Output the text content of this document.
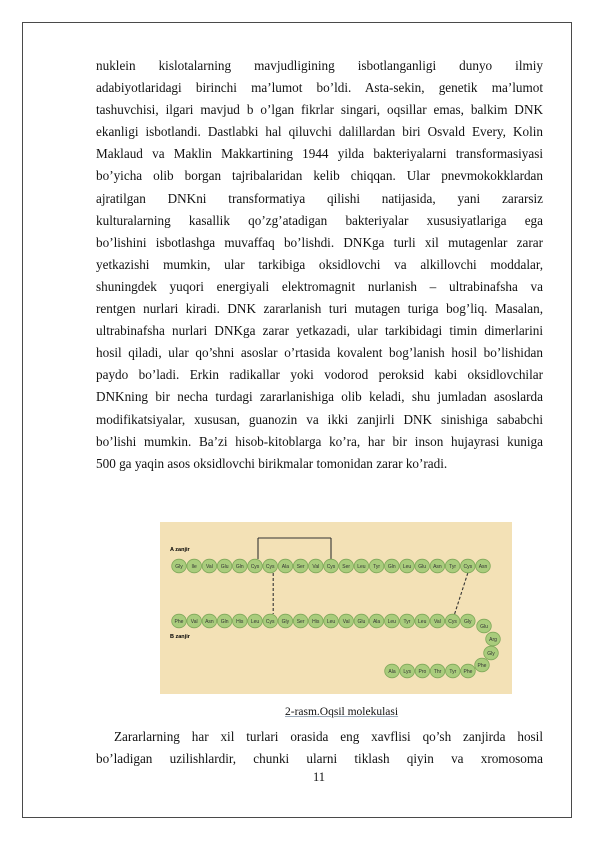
nuklein kislotalarning mavjudligining isbotlanganligi dunyo ilmiy
adabiyotlaridagi birinchi ma’lumot bo’ldi. Asta-sekin, genetik ma’lumot
tashuvchisi, ilgari mavjud b o’lgan fikrlar singari, oqsillar emas, balkim DNK
ekanligi isbotlandi. Dastlabki hal qiluvchi dalillardan biri Osvald Every, Kolin
Maklaud va Maklin Makkartining 1944 yilda bakteriyalarni transformasiyasi
bo’yicha olib borgan tajribalaridan kelib chiqqan. Ular pnevmokokklardan
ajratilgan DNKni transformatiya qilishi natijasida, yani zararsiz
kulturalarning kasallik qo’zg’atadigan bakteriyalar xususiyatlariga ega
bo’lishini isbotlashga muvaffaq bo’lishdi. DNKga turli xil mutagenlar zarar
yetkazishi mumkin, ular tarkibiga oksidlovchi va alkillovchi moddalar,
shuningdek yuqori energiyali elektromagnit nurlanish – ultrabinafsha va
rentgen nurlari kiradi. DNK zararlanish turi mutagen turiga bog’liq. Masalan,
ultrabinafsha nurlari DNKga zarar yetkazadi, ular tarkibidagi timin dimerlarini
hosil qiladi, ular qo’shni asoslar o’rtasida kovalent bog’lanish hosil bo’lishidan
paydo bo’ladi. Erkin radikallar yoki vodorod peroksid kabi oksidlovchilar
DNKning bir necha turdagi zararlanishiga olib keladi, shu jumladan asoslarda
modifikatsiyalar, xususan, guanozin va ikki zanjirli DNK sinishiga sababchi
bo’lishi mumkin. Ba’zi hisob-kitoblarga ko’ra, har bir inson hujayrasi kuniga
500 ga yaqin asos oksidlovchi birikmalar tomonidan zarar ko’radi.
Gly Ile Val Glu Gln Cys Cys Ala Ser Val Cys Ser Leu Tyr Gln Leu Glu Asn Tyr Cys Asn
Phe Val Asn Gln His Leu Cys Gly Ser His Leu Val Glu Ala Leu Tyr Leu Val Cys Gly
Glu
Arg
Gly
Phe
Ala Lys Pro Thr Tyr Phe
A zanjir
B zanjir
2-rasm.Oqsil molekulasi
Zararlarning har xil turlari orasida eng xavflisi qo’sh zanjirda hosil
bo’ladigan uzilishlardir, chunki ularni tiklash qiyin va xromosoma
11
